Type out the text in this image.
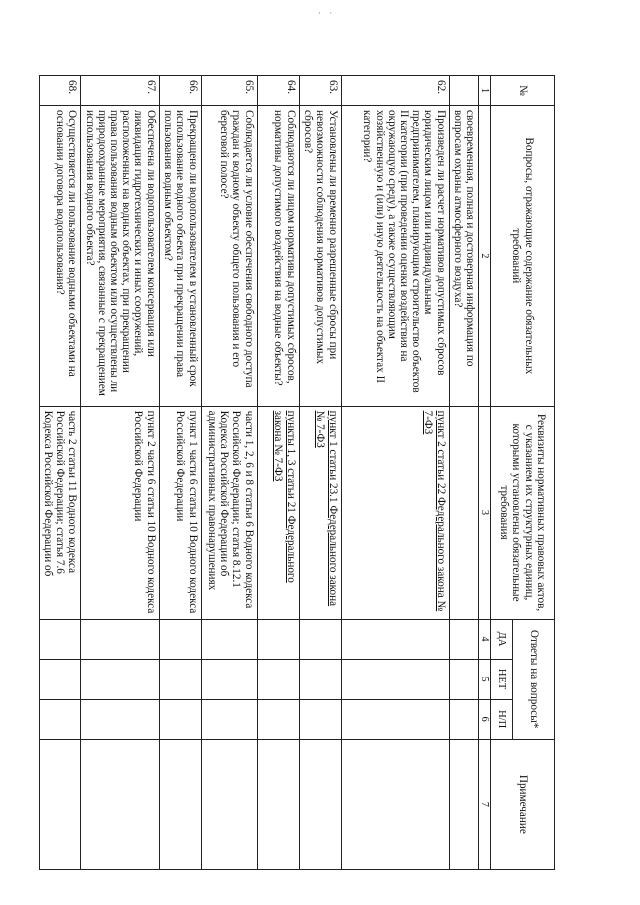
· ·
№	Вопросы, отражающие содержание обязательных требований	Реквизиты нормативных правовых актов, с указанием их структурных единиц, которыми установлены обязательные требования	Ответы на вопросы*			Примечание
			ДА	НЕТ	Н/П	
1	2	3	4	5	6	7
	своевременная, полная и достоверная информация по вопросам охраны атмосферного воздуха?					
62.	Произведен ли расчет нормативов допустимых сбросов юридическим лицом или индивидуальным предпринимателем, планирующим строительство объектов II категории (при проведении оценки воздействия на окружающую среду), а также осуществляющим хозяйственную и (или) иную деятельность на объектах II категории?	пункт 2 статьи 22 Федерального закона № 7-ФЗ				
63.	Установлены ли временно разрешенные сбросы при невозможности соблюдения нормативов допустимых сбросов?	пункт 1 статьи 23.1 Федерального закона № 7-ФЗ				
64.	Соблюдаются ли лицом нормативы допустимых сбросов, нормативы допустимого воздействия на водные объекты?	пункты 1, 3 статьи 21 Федерального закона № 7-ФЗ				
65.	Соблюдается ли условие обеспечения свободного доступа граждан к водному объекту общего пользования и его береговой полосе?	части 1, 2, 6 и 8 статьи 6 Водного кодекса Российской Федерации; статья 8.12.1 Кодекса Российской Федерации об административных правонарушениях				
66.	Прекращено ли водопользователем в установленный срок использование водного объекта при прекращении права пользования водным объектом?	пункт 1 части 6 статьи 10 Водного кодекса Российской Федерации				
67.	Обеспечена ли водопользователем консервация или ликвидация гидротехнических и иных сооружений, расположенных на водных объектах, при прекращении права пользования водным объектом или осуществлены ли природоохранные мероприятия, связанные с прекращением использования водного объекта?	пункт 2 части 6 статьи 10 Водного кодекса Российской Федерации				
68.	Осуществляется ли пользование водными объектами на основании договора водопользования?	часть 2 статьи 11 Водного кодекса Российской Федерации; статья 7.6 Кодекса Российской Федерации об				
